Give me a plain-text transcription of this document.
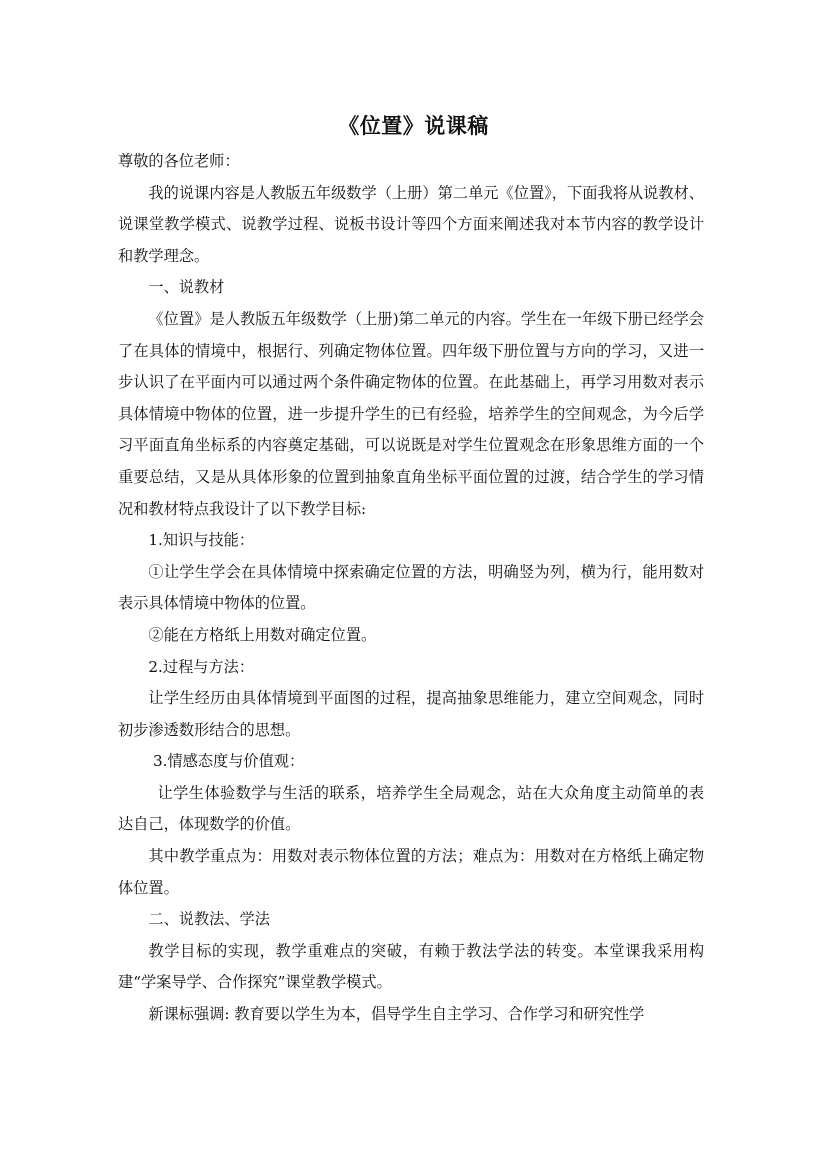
《位置》说课稿

尊敬的各位老师：

我的说课内容是人教版五年级数学（上册）第二单元《位置》，下面我将从说教材、说课堂教学模式、说教学过程、说板书设计等四个方面来阐述我对本节内容的教学设计和教学理念。

一、说教材

《位置》是人教版五年级数学（上册)第二单元的内容。学生在一年级下册已经学会了在具体的情境中，根据行、列确定物体位置。四年级下册位置与方向的学习，又进一步认识了在平面内可以通过两个条件确定物体的位置。在此基础上，再学习用数对表示具体情境中物体的位置，进一步提升学生的已有经验，培养学生的空间观念，为今后学习平面直角坐标系的内容奠定基础，可以说既是对学生位置观念在形象思维方面的一个重要总结，又是从具体形象的位置到抽象直角坐标平面位置的过渡，结合学生的学习情况和教材特点我设计了以下教学目标:

1.知识与技能：

①让学生学会在具体情境中探索确定位置的方法，明确竖为列，横为行，能用数对表示具体情境中物体的位置。

②能在方格纸上用数对确定位置。

2.过程与方法：

让学生经历由具体情境到平面图的过程，提高抽象思维能力，建立空间观念，同时初步渗透数形结合的思想。

3.情感态度与价值观：

让学生体验数学与生活的联系，培养学生全局观念，站在大众角度主动简单的表达自己，体现数学的价值。

其中教学重点为：用数对表示物体位置的方法；难点为：用数对在方格纸上确定物体位置。

二、说教法、学法

教学目标的实现，教学重难点的突破，有赖于教法学法的转变。本堂课我采用构建“学案导学、合作探究”课堂教学模式。

新课标强调: 教育要以学生为本，倡导学生自主学习、合作学习和研究性学
